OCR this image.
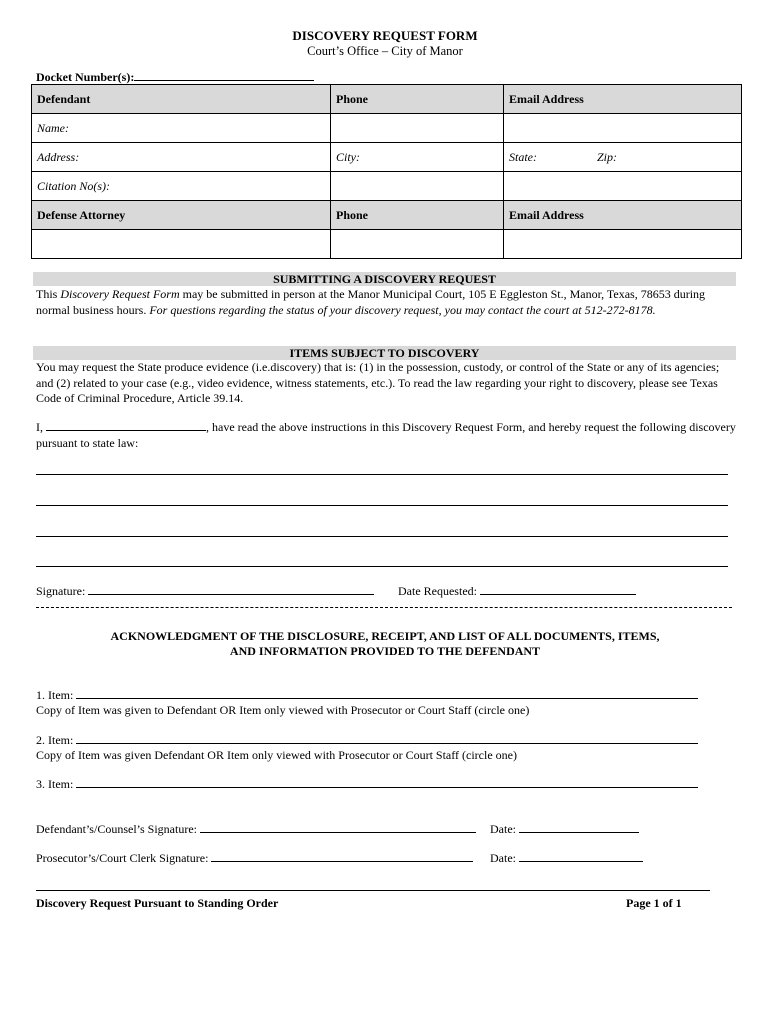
DISCOVERY REQUEST FORM
Court’s Office – City of Manor
Docket Number(s):
Defendant	Phone	Email Address
Name:		
Address:	City:	State: Zip:
Citation No(s):		
Defense Attorney	Phone	Email Address

SUBMITTING A DISCOVERY REQUEST
This Discovery Request Form may be submitted in person at the Manor Municipal Court, 105 E Eggleston St., Manor, Texas, 78653 during normal business hours. For questions regarding the status of your discovery request, you may contact the court at 512-272-8178.
ITEMS SUBJECT TO DISCOVERY
You may request the State produce evidence (i.e.discovery) that is: (1) in the possession, custody, or control of the State or any of its agencies; and (2) related to your case (e.g., video evidence, witness statements, etc.). To read the law regarding your right to discovery, please see Texas Code of Criminal Procedure, Article 39.14.
I,	, have read the above instructions in this Discovery Request Form, and hereby request the following discovery pursuant to state law:
Signature:	Date Requested:
ACKNOWLEDGMENT OF THE DISCLOSURE, RECEIPT, AND LIST OF ALL DOCUMENTS, ITEMS,
AND INFORMATION PROVIDED TO THE DEFENDANT
1. Item:
Copy of Item was given to Defendant OR Item only viewed with Prosecutor or Court Staff (circle one)
2. Item:
Copy of Item was given Defendant OR Item only viewed with Prosecutor or Court Staff (circle one)
3. Item:
Defendant’s/Counsel’s Signature:	Date:
Prosecutor’s/Court Clerk Signature:	Date:
Discovery Request Pursuant to Standing Order	Page 1 of 1
